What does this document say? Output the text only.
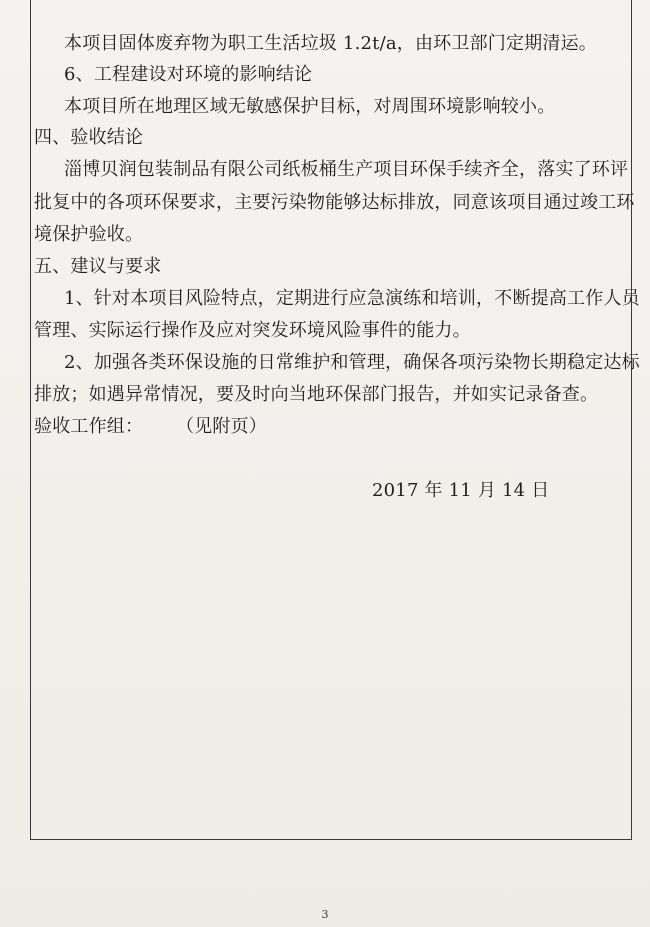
本项目固体废弃物为职工生活垃圾 1.2t/a，由环卫部门定期清运。
6、工程建设对环境的影响结论
本项目所在地理区域无敏感保护目标，对周围环境影响较小。
四、验收结论
淄博贝润包装制品有限公司纸板桶生产项目环保手续齐全，落实了环评
批复中的各项环保要求，主要污染物能够达标排放，同意该项目通过竣工环
境保护验收。
五、建议与要求
1、针对本项目风险特点，定期进行应急演练和培训，不断提高工作人员
管理、实际运行操作及应对突发环境风险事件的能力。
2、加强各类环保设施的日常维护和管理，确保各项污染物长期稳定达标
排放；如遇异常情况，要及时向当地环保部门报告，并如实记录备查。
验收工作组： （见附页）
2017 年 11 月 14 日
3
